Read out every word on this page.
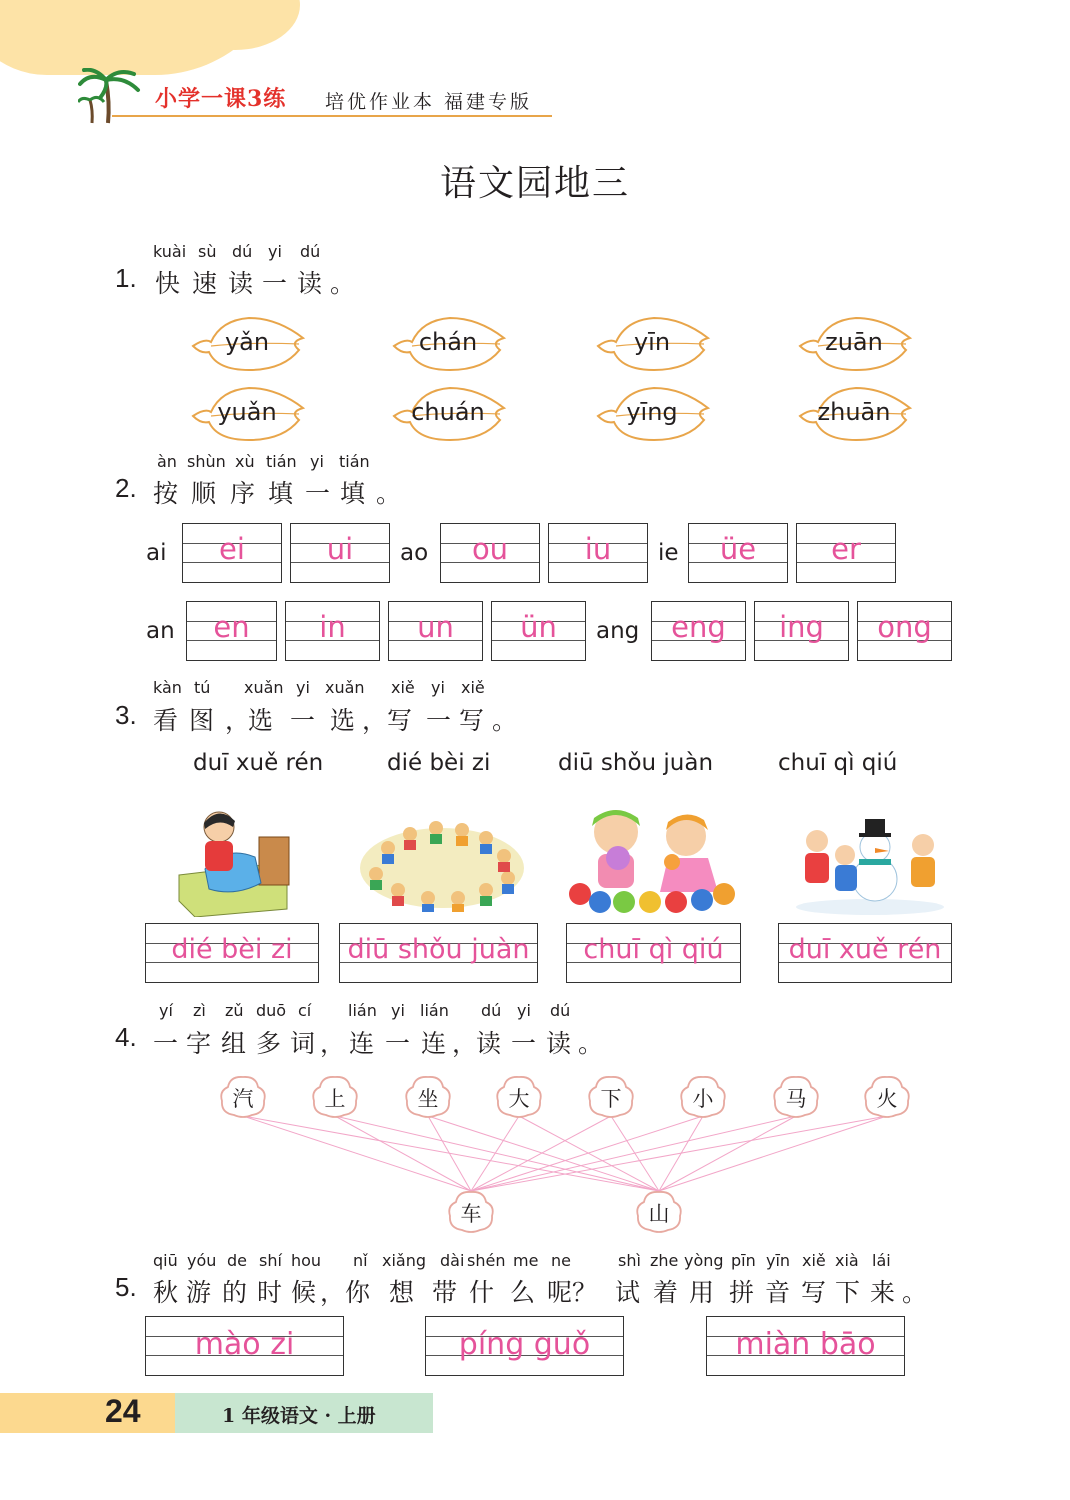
小学一课3练 培优作业本 福建专版
语文园地三
1.
kuài sù dú yi dú
快 速 读 一 读 。
yǎn	chán	yīn	zuān
yuǎn	chuán	yīng	zhuān
2.
àn shùn xù tián yi tián
按 顺 序 填 一 填 。
ai	ei	ui	ao	ou	iu	ie	üe	er
an	en	in	un	ün	ang	eng	ing	ong
3.
kàn tú xuǎn yi xuǎn xiě yi xiě
看 图 ，
选 一 选 ，写 一 写 。
duī xuě rén	dié bèi zi	diū shǒu juàn	chuī qì qiú
dié bèi zi	diū shǒu juàn	chuī qì qiú	duī xuě rén
4.
yí zì zǔ duō cí lián yi lián dú yi dú
一 字 组 多 词 ， 连 一 连 ，
读 一 读 。
汽	上	坐	大	下	小	马	火
车	山
5.
qiū yóu de shí hou nǐ xiǎng dài shén me ne	shì zhe yòng pīn yīn xiě xià lái
秋 游 的 时 候 ，你 想 带 什 么 呢？ 试 着 用 拼 音 写 下 来 。
mào zi	píng guǒ	miàn bāo
24	1 年级语文 · 上册
